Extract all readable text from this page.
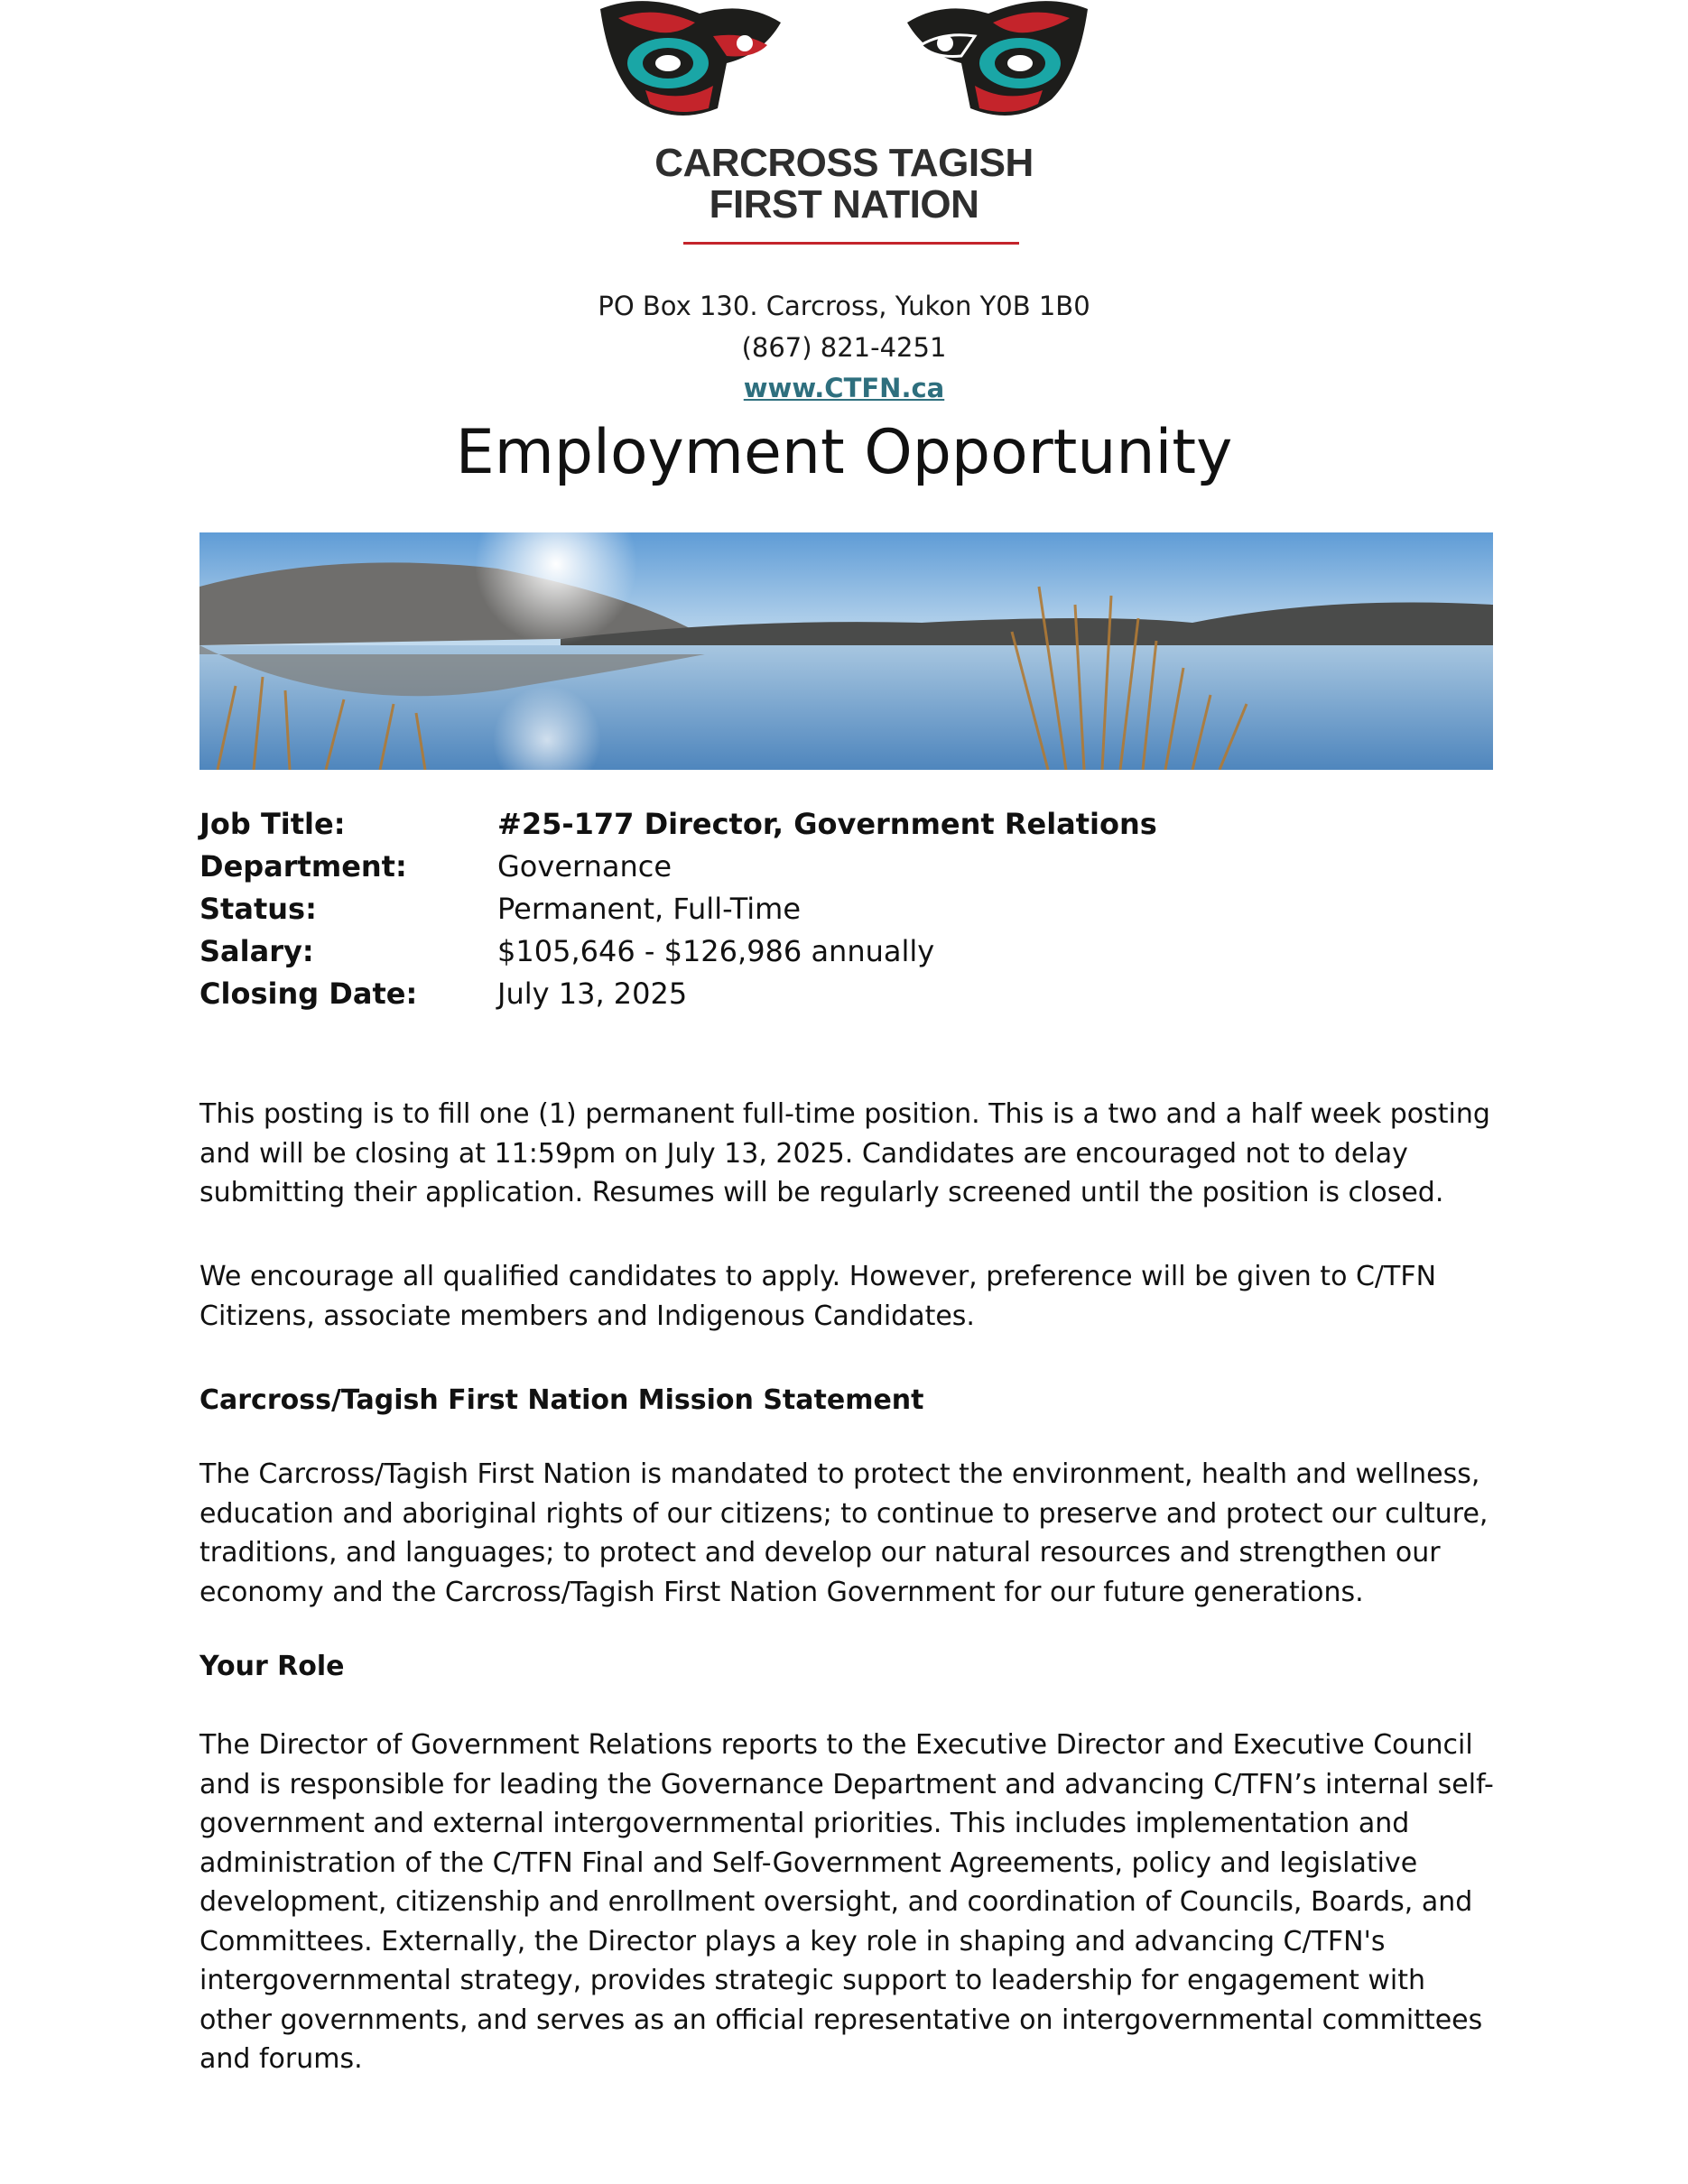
CARCROSS TAGISH
FIRST NATION
PO Box 130. Carcross, Yukon Y0B 1B0
(867) 821-4251
www.CTFN.ca
Employment Opportunity
Job Title:	#25-177 Director, Government Relations
Department:	Governance
Status:	Permanent, Full-Time
Salary:	$105,646 - $126,986 annually
Closing Date:	July 13, 2025
This posting is to fill one (1) permanent full-time position. This is a two and a half week posting and will be closing at 11:59pm on July 13, 2025. Candidates are encouraged not to delay submitting their application. Resumes will be regularly screened until the position is closed.
We encourage all qualified candidates to apply. However, preference will be given to C/TFN Citizens, associate members and Indigenous Candidates.
Carcross/Tagish First Nation Mission Statement
The Carcross/Tagish First Nation is mandated to protect the environment, health and wellness, education and aboriginal rights of our citizens; to continue to preserve and protect our culture, traditions, and languages; to protect and develop our natural resources and strengthen our economy and the Carcross/Tagish First Nation Government for our future generations.
Your Role
The Director of Government Relations reports to the Executive Director and Executive Council and is responsible for leading the Governance Department and advancing C/TFN’s internal self-government and external intergovernmental priorities. This includes implementation and administration of the C/TFN Final and Self-Government Agreements, policy and legislative development, citizenship and enrollment oversight, and coordination of Councils, Boards, and Committees. Externally, the Director plays a key role in shaping and advancing C/TFN's intergovernmental strategy, provides strategic support to leadership for engagement with other governments, and serves as an official representative on intergovernmental committees and forums.
